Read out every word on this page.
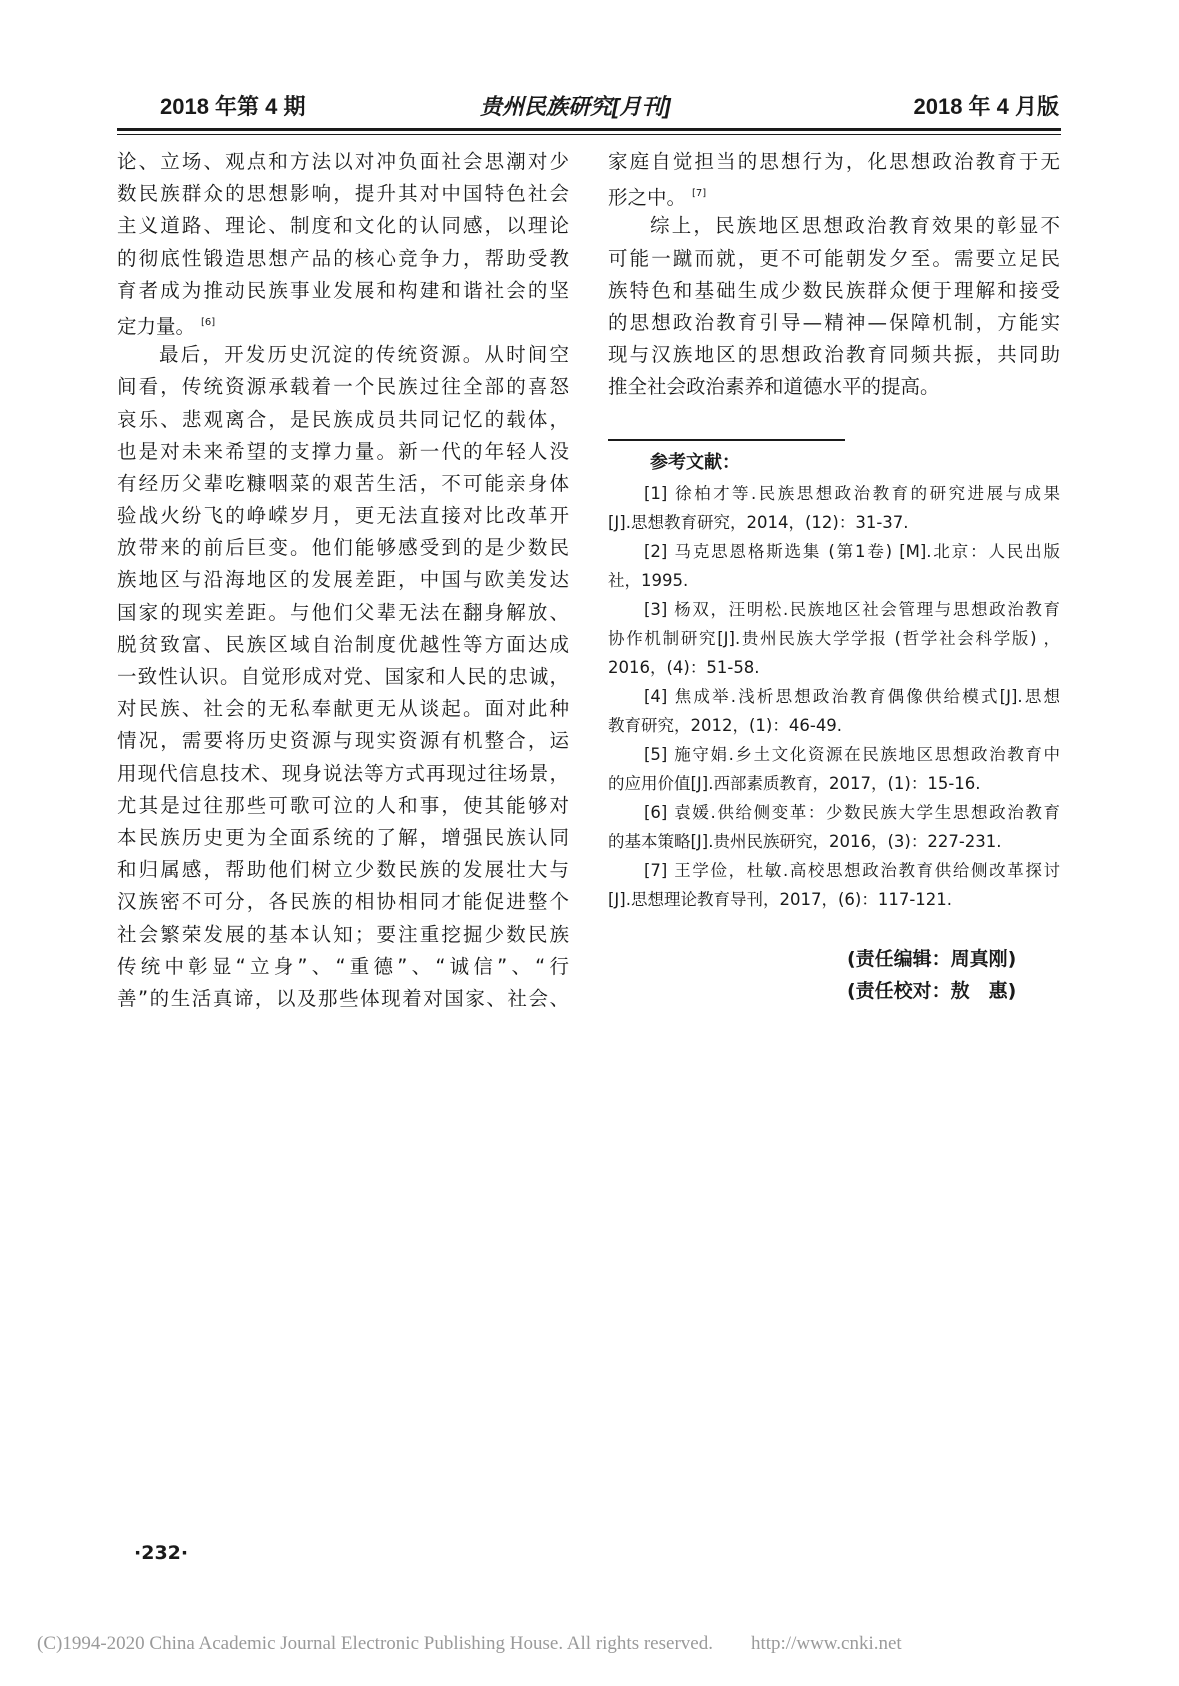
2018 年第 4 期	贵州民族研究[月刊]	2018 年 4 月版
论、立场、观点和方法以对冲负面社会思潮对少
数民族群众的思想影响，提升其对中国特色社会
主义道路、理论、制度和文化的认同感，以理论
的彻底性锻造思想产品的核心竞争力，帮助受教
育者成为推动民族事业发展和构建和谐社会的坚
定力量。 [6]
最后，开发历史沉淀的传统资源。从时间空
间看，传统资源承载着一个民族过往全部的喜怒
哀乐、悲观离合，是民族成员共同记忆的载体，
也是对未来希望的支撑力量。新一代的年轻人没
有经历父辈吃糠咽菜的艰苦生活，不可能亲身体
验战火纷飞的峥嵘岁月，更无法直接对比改革开
放带来的前后巨变。他们能够感受到的是少数民
族地区与沿海地区的发展差距，中国与欧美发达
国家的现实差距。与他们父辈无法在翻身解放、
脱贫致富、民族区域自治制度优越性等方面达成
一致性认识。自觉形成对党、国家和人民的忠诚，
对民族、社会的无私奉献更无从谈起。面对此种
情况，需要将历史资源与现实资源有机整合，运
用现代信息技术、现身说法等方式再现过往场景，
尤其是过往那些可歌可泣的人和事，使其能够对
本民族历史更为全面系统的了解，增强民族认同
和归属感，帮助他们树立少数民族的发展壮大与
汉族密不可分，各民族的相协相同才能促进整个
社会繁荣发展的基本认知；要注重挖掘少数民族
传统中彰显“立身”、“重德”、“诚信”、“行
善”的生活真谛，以及那些体现着对国家、社会、
家庭自觉担当的思想行为，化思想政治教育于无
形之中。 [7]
综上，民族地区思想政治教育效果的彰显不
可能一蹴而就，更不可能朝发夕至。需要立足民
族特色和基础生成少数民族群众便于理解和接受
的思想政治教育引导—精神—保障机制，方能实
现与汉族地区的思想政治教育同频共振，共同助
推全社会政治素养和道德水平的提高。
参考文献：
[1] 徐柏才等.民族思想政治教育的研究进展与成果
[J].思想教育研究，2014，(12)：31-37.
[2] 马克思恩格斯选集 (第1卷) [M].北京：人民出版
社，1995.
[3] 杨双，汪明松.民族地区社会管理与思想政治教育
协作机制研究[J].贵州民族大学学报 (哲学社会科学版) ，
2016，(4)：51-58.
[4] 焦成举.浅析思想政治教育偶像供给模式[J].思想
教育研究，2012，(1)：46-49.
[5] 施守娟.乡土文化资源在民族地区思想政治教育中
的应用价值[J].西部素质教育，2017，(1)：15-16.
[6] 袁媛.供给侧变革：少数民族大学生思想政治教育
的基本策略[J].贵州民族研究，2016，(3)：227-231.
[7] 王学俭，杜敏.高校思想政治教育供给侧改革探讨
[J].思想理论教育导刊，2017，(6)：117-121.
(责任编辑：周真刚)
(责任校对：敖　惠)
·232·
(C)1994-2020 China Academic Journal Electronic Publishing House. All rights reserved.　　http://www.cnki.net
